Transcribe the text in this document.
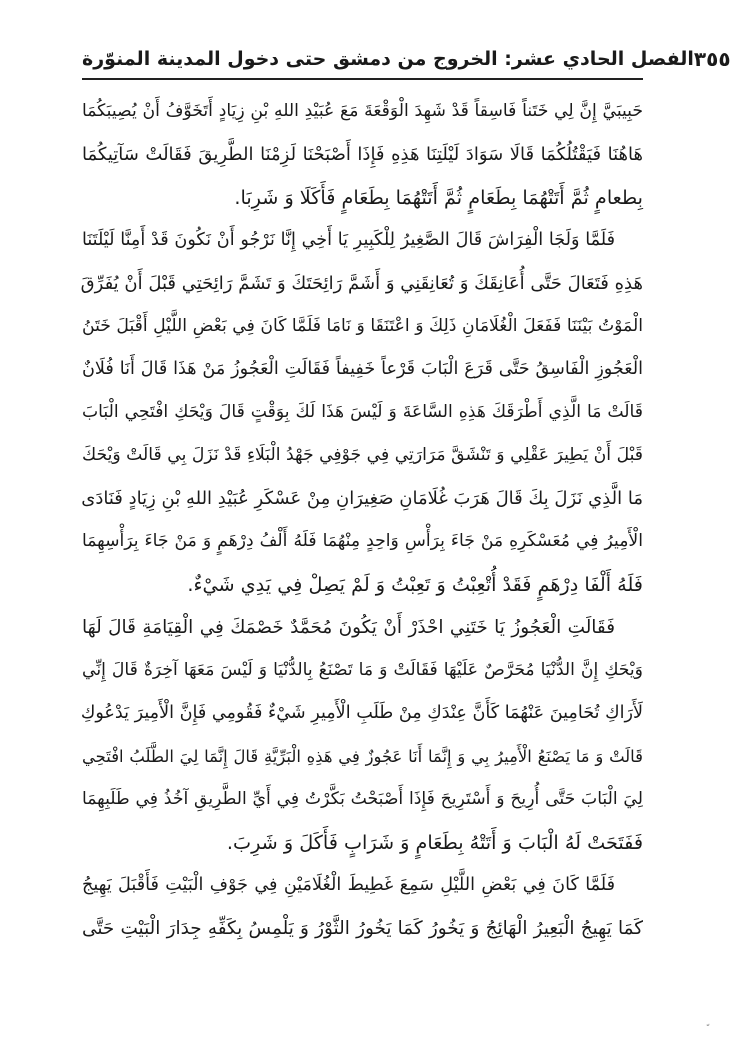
الفصل الحادي عشر: الخروج من دمشق حتى دخول المدينة المنوّرة ٣٥٥
حَبِيبَيَّ إِنَّ لِي خَتَناً فَاسِقاً قَدْ شَهِدَ الْوَقْعَةَ مَعَ عُبَيْدِ اللهِ بْنِ زِيَادٍ أَتَخَوَّفُ أَنْ يُصِيبَكُمَا
هَاهُنَا فَيَقْتُلُكُمَا قَالَا سَوَادَ لَيْلَتِنَا هَذِهِ فَإِذَا أَصْبَحْنَا لَزِمْنَا الطَّرِيقَ فَقَالَتْ سَآتِيكُمَا
بِطعامٍ ثُمَّ أَتَتْهُمَا بِطَعَامٍ ثُمَّ أَتَتْهُمَا بِطَعَامٍ فَأَكَلَا وَ شَرِبَا.
فَلَمَّا وَلَجَا الْفِرَاشَ قَالَ الصَّغِيرُ لِلْكَبِيرِ يَا أَخِي إِنَّا نَرْجُو أَنْ نَكُونَ قَدْ أَمِنَّا لَيْلَتَنَا
هَذِهِ فَتَعَالَ حَتَّى أُعَانِقَكَ وَ تُعَانِقَنِي وَ أَشَمَّ رَائِحَتَكَ وَ تَشَمَّ رَائِحَتِي قَبْلَ أَنْ يُفَرِّقَ
الْمَوْتُ بَيْنَنَا فَفَعَلَ الْغُلَامَانِ ذَلِكَ وَ اعْتَنَقَا وَ نَامَا فَلَمَّا كَانَ فِي بَعْضِ اللَّيْلِ أَقْبَلَ خَتَنُ
الْعَجُوزِ الْفَاسِقُ حَتَّى قَرَعَ الْبَابَ قَرْعاً خَفِيفاً فَقَالَتِ الْعَجُوزُ مَنْ هَذَا قَالَ أَنَا فُلَانٌ
قَالَتْ مَا الَّذِي أَطْرَقَكَ هَذِهِ السَّاعَةَ وَ لَيْسَ هَذَا لَكَ بِوَقْتٍ قَالَ وَيْحَكِ افْتَحِي الْبَابَ
قَبْلَ أَنْ يَطِيرَ عَقْلِي وَ تَنْشَقَّ مَرَارَتِي فِي جَوْفِي جَهْدُ الْبَلَاءِ قَدْ نَزَلَ بِي قَالَتْ وَيْحَكَ
مَا الَّذِي نَزَلَ بِكَ قَالَ هَرَبَ غُلَامَانِ صَغِيرَانِ مِنْ عَسْكَرِ عُبَيْدِ اللهِ بْنِ زِيَادٍ فَنَادَى
الْأَمِيرُ فِي مُعَسْكَرِهِ مَنْ جَاءَ بِرَأْسِ وَاحِدٍ مِنْهُمَا فَلَهُ أَلْفُ دِرْهَمٍ وَ مَنْ جَاءَ بِرَأْسِهِمَا
فَلَهُ أَلْفَا دِرْهَمٍ فَقَدْ أُتْعِبْتُ وَ تَعِبْتُ وَ لَمْ يَصِلْ فِي يَدِي شَيْءٌ.
فَقَالَتِ الْعَجُوزُ يَا خَتَنِي احْذَرْ أَنْ يَكُونَ مُحَمَّدٌ خَصْمَكَ فِي الْقِيَامَةِ قَالَ لَهَا
وَيْحَكِ إِنَّ الدُّنْيَا مُحَرَّصٌ عَلَيْهَا فَقَالَتْ وَ مَا تَصْنَعُ بِالدُّنْيَا وَ لَيْسَ مَعَهَا آخِرَةٌ قَالَ إِنِّي
لَأَرَاكِ تُحَامِينَ عَنْهُمَا كَأَنَّ عِنْدَكِ مِنْ طَلَبِ الْأَمِيرِ شَيْءٌ فَقُومِي فَإِنَّ الْأَمِيرَ يَدْعُوكِ
قَالَتْ وَ مَا يَصْنَعُ الْأَمِيرُ بِي وَ إِنَّمَا أَنَا عَجُوزٌ فِي هَذِهِ الْبَرِّيَّةِ قَالَ إِنَّمَا لِيَ الطَّلَبُ افْتَحِي
لِيَ الْبَابَ حَتَّى أُرِيحَ وَ أَسْتَرِيحَ فَإِذَا أَصْبَحْتُ بَكَّرْتُ فِي أَيِّ الطَّرِيقِ آخُذُ فِي طَلَبِهِمَا
فَفَتَحَتْ لَهُ الْبَابَ وَ أَتَتْهُ بِطَعَامٍ وَ شَرَابٍ فَأَكَلَ وَ شَرِبَ.
فَلَمَّا كَانَ فِي بَعْضِ اللَّيْلِ سَمِعَ غَطِيطَ الْغُلَامَيْنِ فِي جَوْفِ الْبَيْتِ فَأَقْبَلَ يَهِيجُ
كَمَا يَهِيجُ الْبَعِيرُ الْهَائِجُ وَ يَخُورُ كَمَا يَخُورُ الثَّوْرُ وَ يَلْمِسُ بِكَفِّهِ جِدَارَ الْبَيْتِ حَتَّى
